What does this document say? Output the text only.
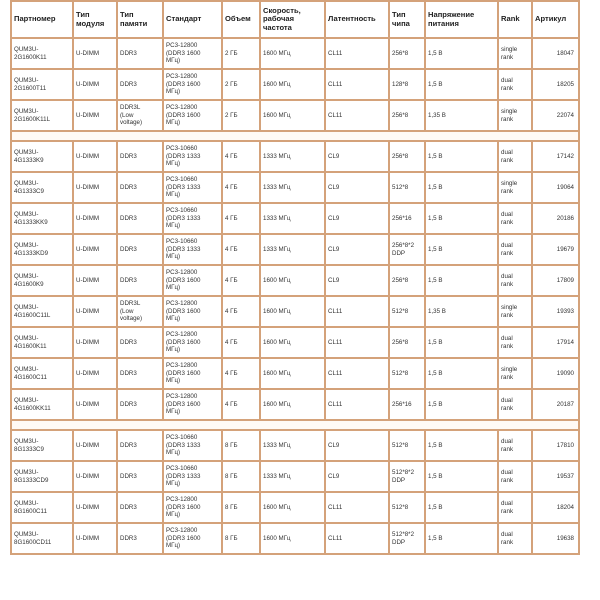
Партномер	Тип
модуля	Тип
памяти	Стандарт	Объем	Скорость,
рабочая
частота	Латентность	Тип
чипа	Напряжение
питания	Rank	Артикул
QUM3U-
2G1600K11	U-DIMM	DDR3	PC3-12800
(DDR3 1600
МГц)	2 ГБ	1600 МГц	CL11	256*8	1,5 В	single
rank	18047
QUM3U-
2G1600T11	U-DIMM	DDR3	PC3-12800
(DDR3 1600
МГц)	2 ГБ	1600 МГц	CL11	128*8	1,5 В	dual
rank	18205
QUM3U-
2G1600K11L	U-DIMM	DDR3L
(Low
voltage)	PC3-12800
(DDR3 1600
МГц)	2 ГБ	1600 МГц	CL11	256*8	1,35 В	single
rank	22074

QUM3U-
4G1333K9	U-DIMM	DDR3	PC3-10660
(DDR3 1333
МГц)	4 ГБ	1333 МГц	CL9	256*8	1,5 В	dual
rank	17142
QUM3U-
4G1333C9	U-DIMM	DDR3	PC3-10660
(DDR3 1333
МГц)	4 ГБ	1333 МГц	CL9	512*8	1,5 В	single
rank	19064
QUM3U-
4G1333KK9	U-DIMM	DDR3	PC3-10660
(DDR3 1333
МГц)	4 ГБ	1333 МГц	CL9	256*16	1,5 В	dual
rank	20186
QUM3U-
4G1333KD9	U-DIMM	DDR3	PC3-10660
(DDR3 1333
МГц)	4 ГБ	1333 МГц	CL9	256*8*2
DDP	1,5 В	dual
rank	19679
QUM3U-
4G1600K9	U-DIMM	DDR3	PC3-12800
(DDR3 1600
МГц)	4 ГБ	1600 МГц	CL9	256*8	1,5 В	dual
rank	17809
QUM3U-
4G1600C11L	U-DIMM	DDR3L
(Low
voltage)	PC3-12800
(DDR3 1600
МГц)	4 ГБ	1600 МГц	CL11	512*8	1,35 В	single
rank	19393
QUM3U-
4G1600K11	U-DIMM	DDR3	PC3-12800
(DDR3 1600
МГц)	4 ГБ	1600 МГц	CL11	256*8	1,5 В	dual
rank	17914
QUM3U-
4G1600C11	U-DIMM	DDR3	PC3-12800
(DDR3 1600
МГц)	4 ГБ	1600 МГц	CL11	512*8	1,5 В	single
rank	19090
QUM3U-
4G1600KK11	U-DIMM	DDR3	PC3-12800
(DDR3 1600
МГц)	4 ГБ	1600 МГц	CL11	256*16	1,5 В	dual
rank	20187

QUM3U-
8G1333C9	U-DIMM	DDR3	PC3-10660
(DDR3 1333
МГц)	8 ГБ	1333 МГц	CL9	512*8	1,5 В	dual
rank	17810
QUM3U-
8G1333CD9	U-DIMM	DDR3	PC3-10660
(DDR3 1333
МГц)	8 ГБ	1333 МГц	CL9	512*8*2
DDP	1,5 В	dual
rank	19537
QUM3U-
8G1600C11	U-DIMM	DDR3	PC3-12800
(DDR3 1600
МГц)	8 ГБ	1600 МГц	CL11	512*8	1,5 В	dual
rank	18204
QUM3U-
8G1600CD11	U-DIMM	DDR3	PC3-12800
(DDR3 1600
МГц)	8 ГБ	1600 МГц	CL11	512*8*2
DDP	1,5 В	dual
rank	19638
